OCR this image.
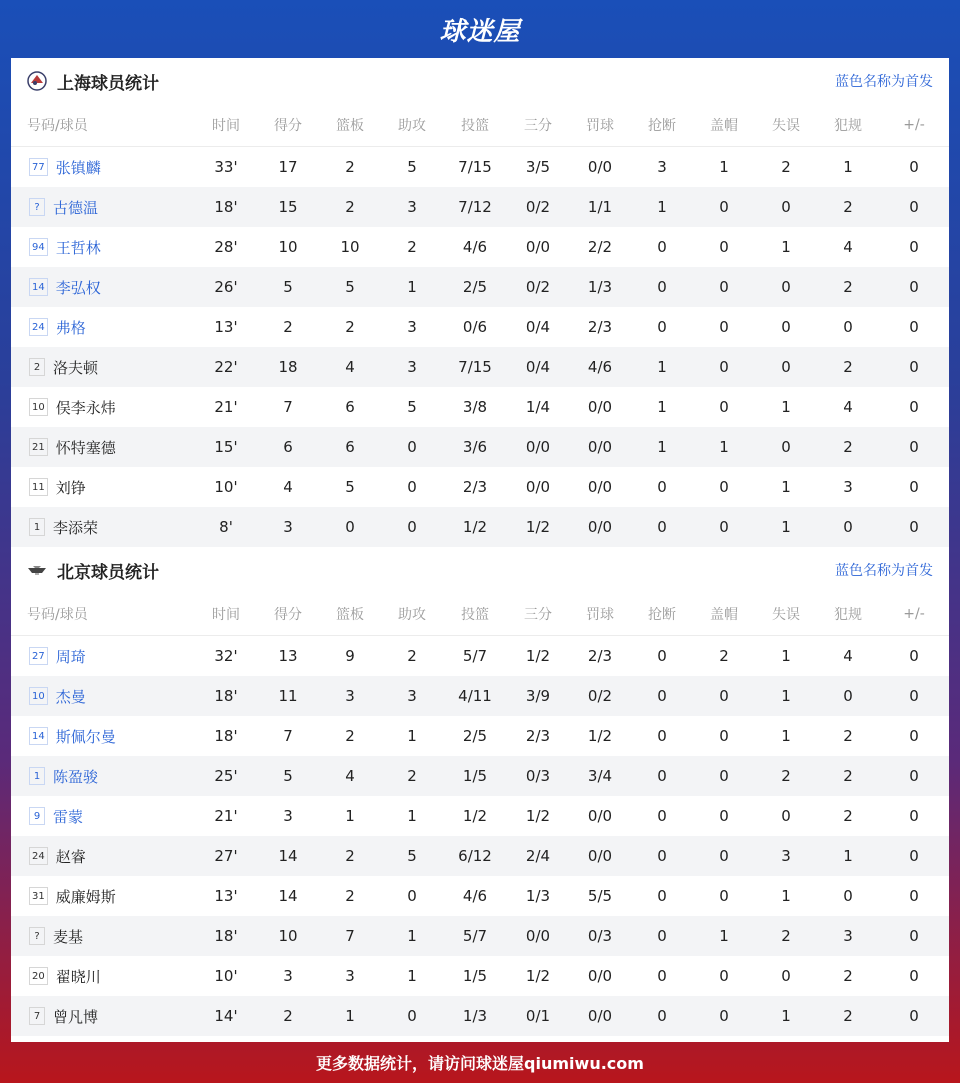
球迷屋
上海球员统计	蓝色名称为首发
号码/球员	时间	得分	篮板	助攻	投篮	三分	罚球	抢断	盖帽	失误	犯规	+/-
77 张镇麟	33'	17	2	5	7/15	3/5	0/0	3	1	2	1	0
? 古德温	18'	15	2	3	7/12	0/2	1/1	1	0	0	2	0
94 王哲林	28'	10	10	2	4/6	0/0	2/2	0	0	1	4	0
14 李弘权	26'	5	5	1	2/5	0/2	1/3	0	0	0	2	0
24 弗格	13'	2	2	3	0/6	0/4	2/3	0	0	0	0	0
2 洛夫顿	22'	18	4	3	7/15	0/4	4/6	1	0	0	2	0
10 俣李永炜	21'	7	6	5	3/8	1/4	0/0	1	0	1	4	0
21 怀特塞德	15'	6	6	0	3/6	0/0	0/0	1	1	0	2	0
11 刘铮	10'	4	5	0	2/3	0/0	0/0	0	0	1	3	0
1 李添荣	8'	3	0	0	1/2	1/2	0/0	0	0	1	0	0
北京球员统计	蓝色名称为首发
号码/球员	时间	得分	篮板	助攻	投篮	三分	罚球	抢断	盖帽	失误	犯规	+/-
27 周琦	32'	13	9	2	5/7	1/2	2/3	0	2	1	4	0
10 杰曼	18'	11	3	3	4/11	3/9	0/2	0	0	1	0	0
14 斯佩尔曼	18'	7	2	1	2/5	2/3	1/2	0	0	1	2	0
1 陈盈骏	25'	5	4	2	1/5	0/3	3/4	0	0	2	2	0
9 雷蒙	21'	3	1	1	1/2	1/2	0/0	0	0	0	2	0
24 赵睿	27'	14	2	5	6/12	2/4	0/0	0	0	3	1	0
31 威廉姆斯	13'	14	2	0	4/6	1/3	5/5	0	0	1	0	0
? 麦基	18'	10	7	1	5/7	0/0	0/3	0	1	2	3	0
20 翟晓川	10'	3	3	1	1/5	1/2	0/0	0	0	0	2	0
7 曾凡博	14'	2	1	0	1/3	0/1	0/0	0	0	1	2	0
更多数据统计，请访问球迷屋qiumiwu.com
